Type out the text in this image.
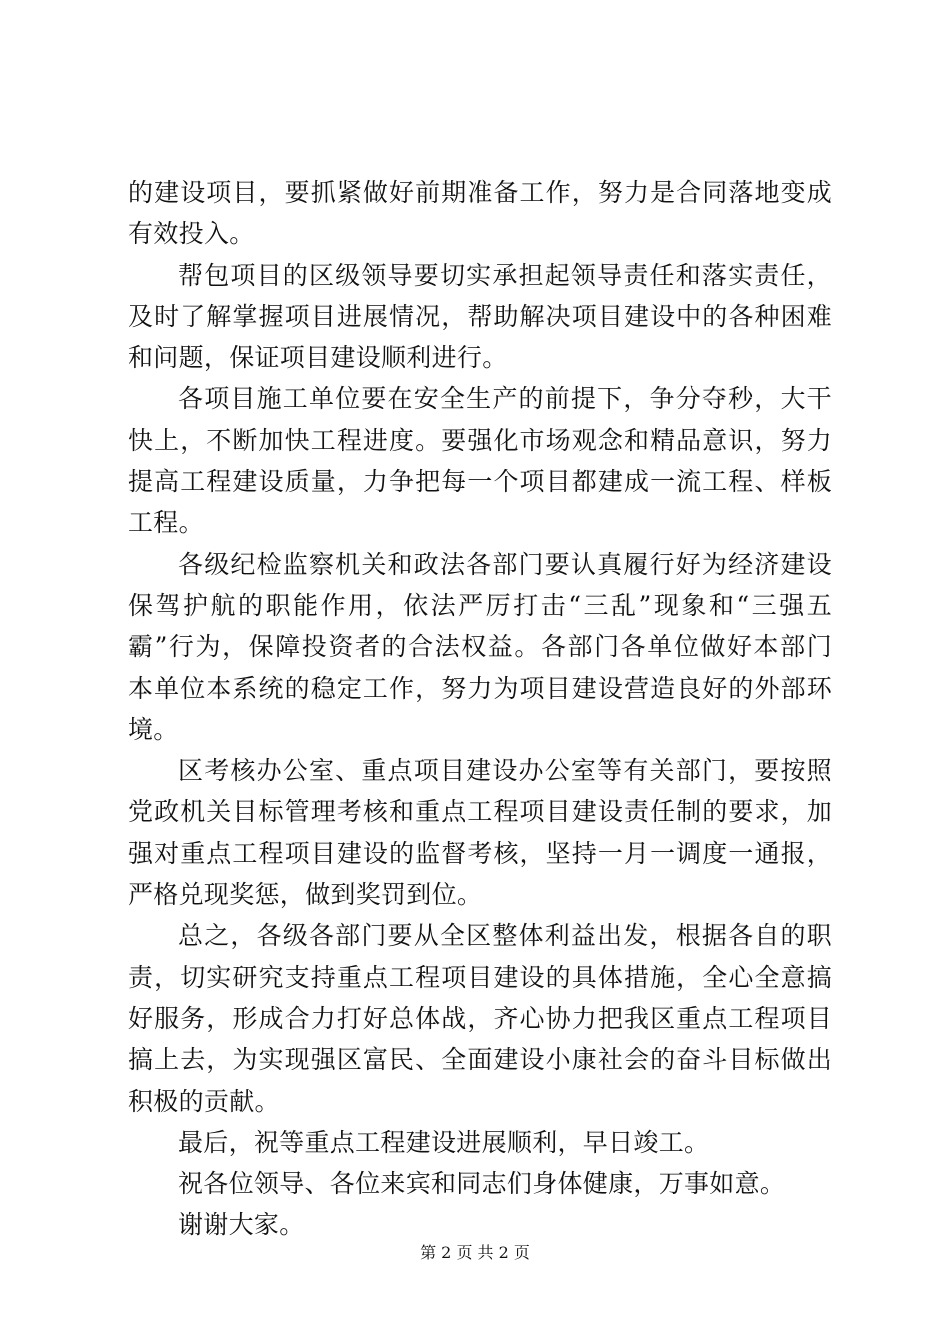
的建设项目，要抓紧做好前期准备工作，努力是合同落地变成
有效投入。
帮包项目的区级领导要切实承担起领导责任和落实责任，
及时了解掌握项目进展情况，帮助解决项目建设中的各种困难
和问题，保证项目建设顺利进行。
各项目施工单位要在安全生产的前提下，争分夺秒，大干
快上，不断加快工程进度。要强化市场观念和精品意识，努力
提高工程建设质量，力争把每一个项目都建成一流工程、样板
工程。
各级纪检监察机关和政法各部门要认真履行好为经济建设
保驾护航的职能作用，依法严厉打击“三乱”现象和“三强五
霸”行为，保障投资者的合法权益。各部门各单位做好本部门
本单位本系统的稳定工作，努力为项目建设营造良好的外部环
境。
区考核办公室、重点项目建设办公室等有关部门，要按照
党政机关目标管理考核和重点工程项目建设责任制的要求，加
强对重点工程项目建设的监督考核，坚持一月一调度一通报，
严格兑现奖惩，做到奖罚到位。
总之，各级各部门要从全区整体利益出发，根据各自的职
责，切实研究支持重点工程项目建设的具体措施，全心全意搞
好服务，形成合力打好总体战，齐心协力把我区重点工程项目
搞上去，为实现强区富民、全面建设小康社会的奋斗目标做出
积极的贡献。
最后，祝等重点工程建设进展顺利，早日竣工。
祝各位领导、各位来宾和同志们身体健康，万事如意。
谢谢大家。
第 2 页 共 2 页
